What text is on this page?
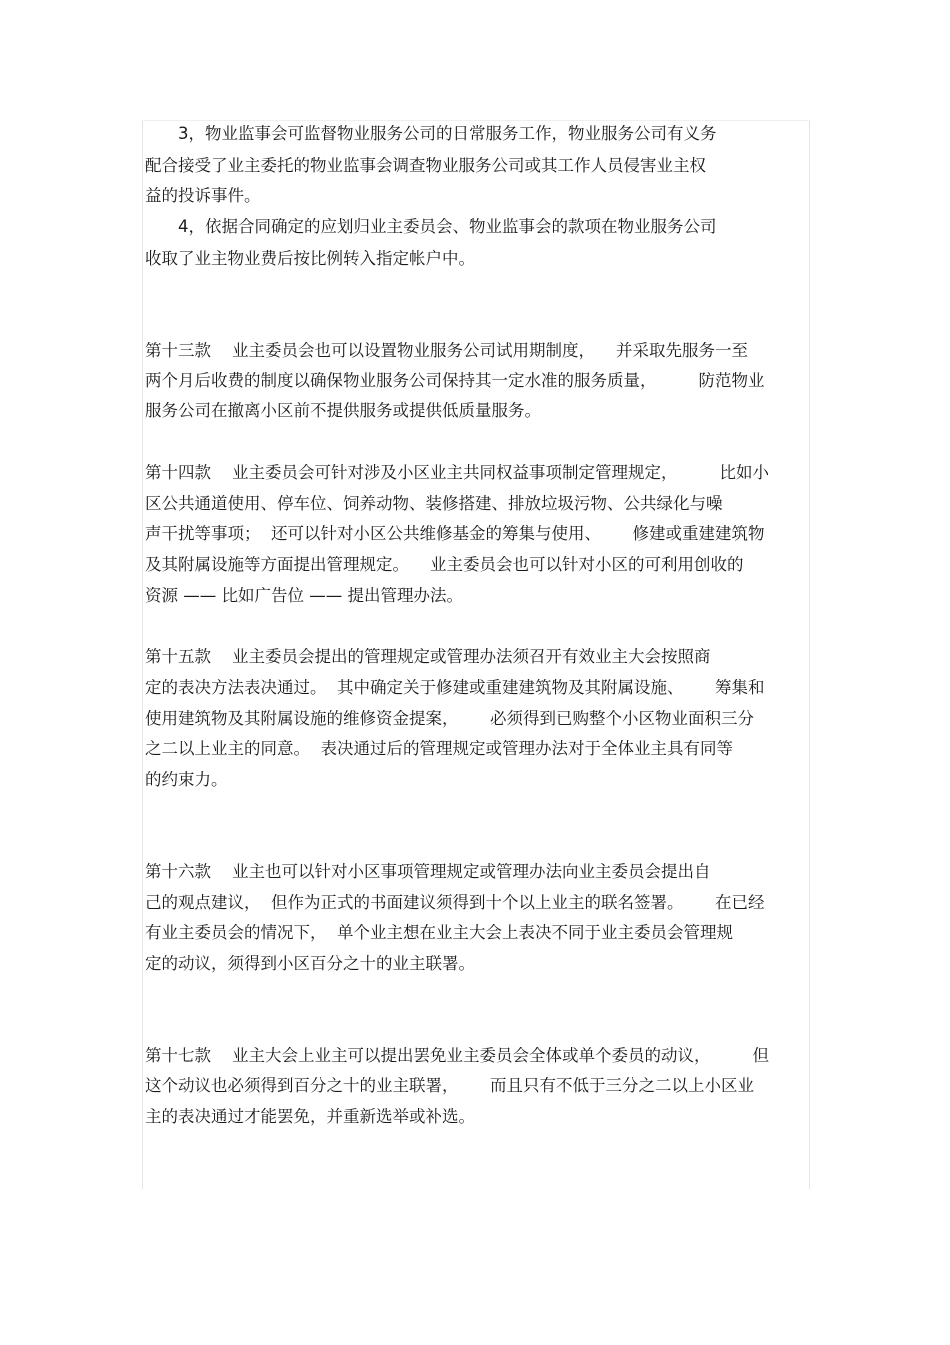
3，物业监事会可监督物业服务公司的日常服务工作，物业服务公司有义务
配合接受了业主委托的物业监事会调查物业服务公司或其工作人员侵害业主权
益的投诉事件。
4，依据合同确定的应划归业主委员会、物业监事会的款项在物业服务公司
收取了业主物业费后按比例转入指定帐户中。
第十三款    业主委员会也可以设置物业服务公司试用期制度，    并采取先服务一至
两个月后收费的制度以确保物业服务公司保持其一定水准的服务质量，        防范物业
服务公司在撤离小区前不提供服务或提供低质量服务。
第十四款    业主委员会可针对涉及小区业主共同权益事项制定管理规定，        比如小
区公共通道使用、停车位、饲养动物、装修搭建、排放垃圾污物、公共绿化与噪
声干扰等事项；  还可以针对小区公共维修基金的筹集与使用、      修建或重建建筑物
及其附属设施等方面提出管理规定。    业主委员会也可以针对小区的可利用创收的
资源 —— 比如广告位 —— 提出管理办法。
第十五款    业主委员会提出的管理规定或管理办法须召开有效业主大会按照商
定的表决方法表决通过。  其中确定关于修建或重建建筑物及其附属设施、      筹集和
使用建筑物及其附属设施的维修资金提案，      必须得到已购整个小区物业面积三分
之二以上业主的同意。  表决通过后的管理规定或管理办法对于全体业主具有同等
的约束力。
第十六款    业主也可以针对小区事项管理规定或管理办法向业主委员会提出自
己的观点建议，  但作为正式的书面建议须得到十个以上业主的联名签署。      在已经
有业主委员会的情况下，  单个业主想在业主大会上表决不同于业主委员会管理规
定的动议，须得到小区百分之十的业主联署。
第十七款    业主大会上业主可以提出罢免业主委员会全体或单个委员的动议，        但
这个动议也必须得到百分之十的业主联署，      而且只有不低于三分之二以上小区业
主的表决通过才能罢免，并重新选举或补选。
